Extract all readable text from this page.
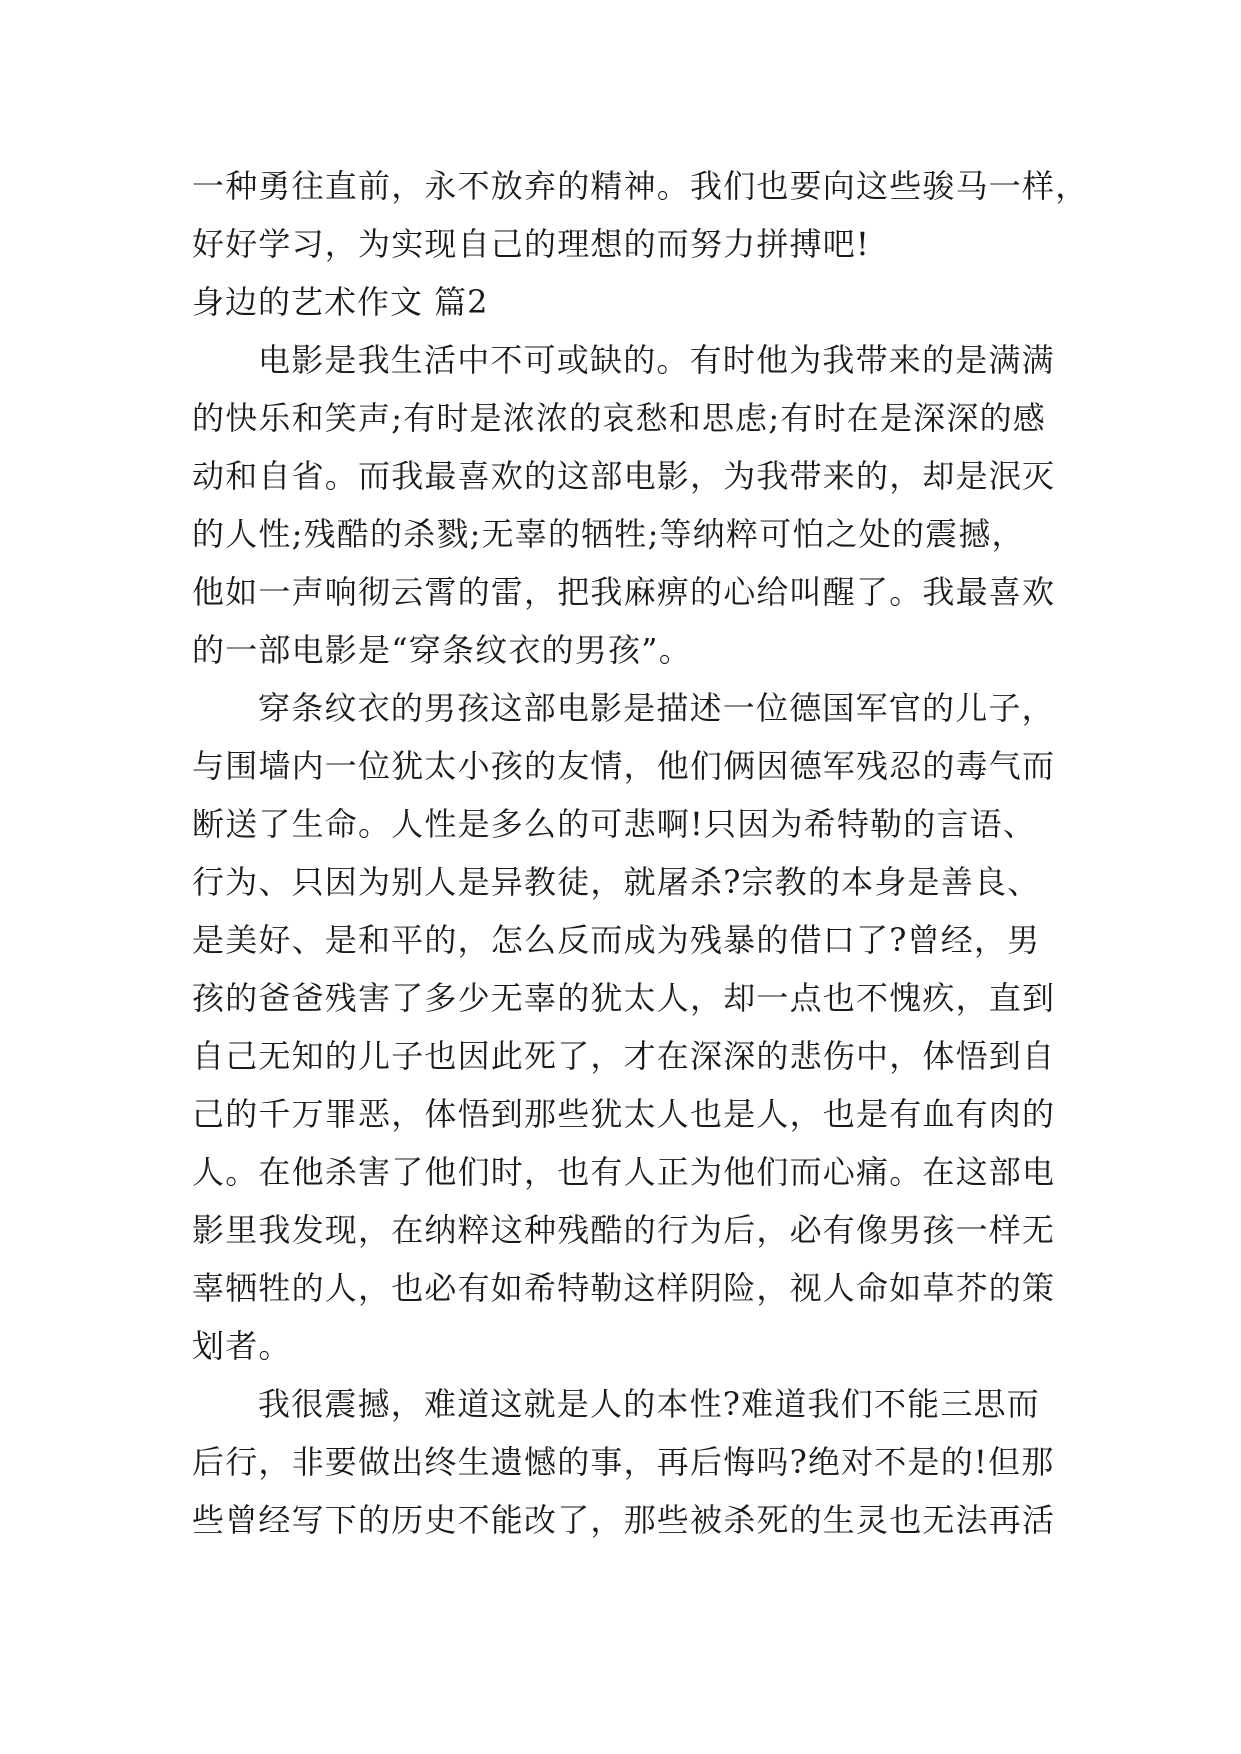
一种勇往直前，永不放弃的精神。我们也要向这些骏马一样，
好好学习，为实现自己的理想的而努力拼搏吧!
身边的艺术作文 篇2
电影是我生活中不可或缺的。有时他为我带来的是满满
的快乐和笑声;有时是浓浓的哀愁和思虑;有时在是深深的感
动和自省。而我最喜欢的这部电影，为我带来的，却是泯灭
的人性;残酷的杀戮;无辜的牺牲;等纳粹可怕之处的震撼，
他如一声响彻云霄的雷，把我麻痹的心给叫醒了。我最喜欢
的一部电影是“穿条纹衣的男孩”。
穿条纹衣的男孩这部电影是描述一位德国军官的儿子，
与围墙内一位犹太小孩的友情，他们俩因德军残忍的毒气而
断送了生命。人性是多么的可悲啊!只因为希特勒的言语、
行为、只因为别人是异教徒，就屠杀?宗教的本身是善良、
是美好、是和平的，怎么反而成为残暴的借口了?曾经，男
孩的爸爸残害了多少无辜的犹太人，却一点也不愧疚，直到
自己无知的儿子也因此死了，才在深深的悲伤中，体悟到自
己的千万罪恶，体悟到那些犹太人也是人，也是有血有肉的
人。在他杀害了他们时，也有人正为他们而心痛。在这部电
影里我发现，在纳粹这种残酷的行为后，必有像男孩一样无
辜牺牲的人，也必有如希特勒这样阴险，视人命如草芥的策
划者。
我很震撼，难道这就是人的本性?难道我们不能三思而
后行，非要做出终生遗憾的事，再后悔吗?绝对不是的!但那
些曾经写下的历史不能改了，那些被杀死的生灵也无法再活
